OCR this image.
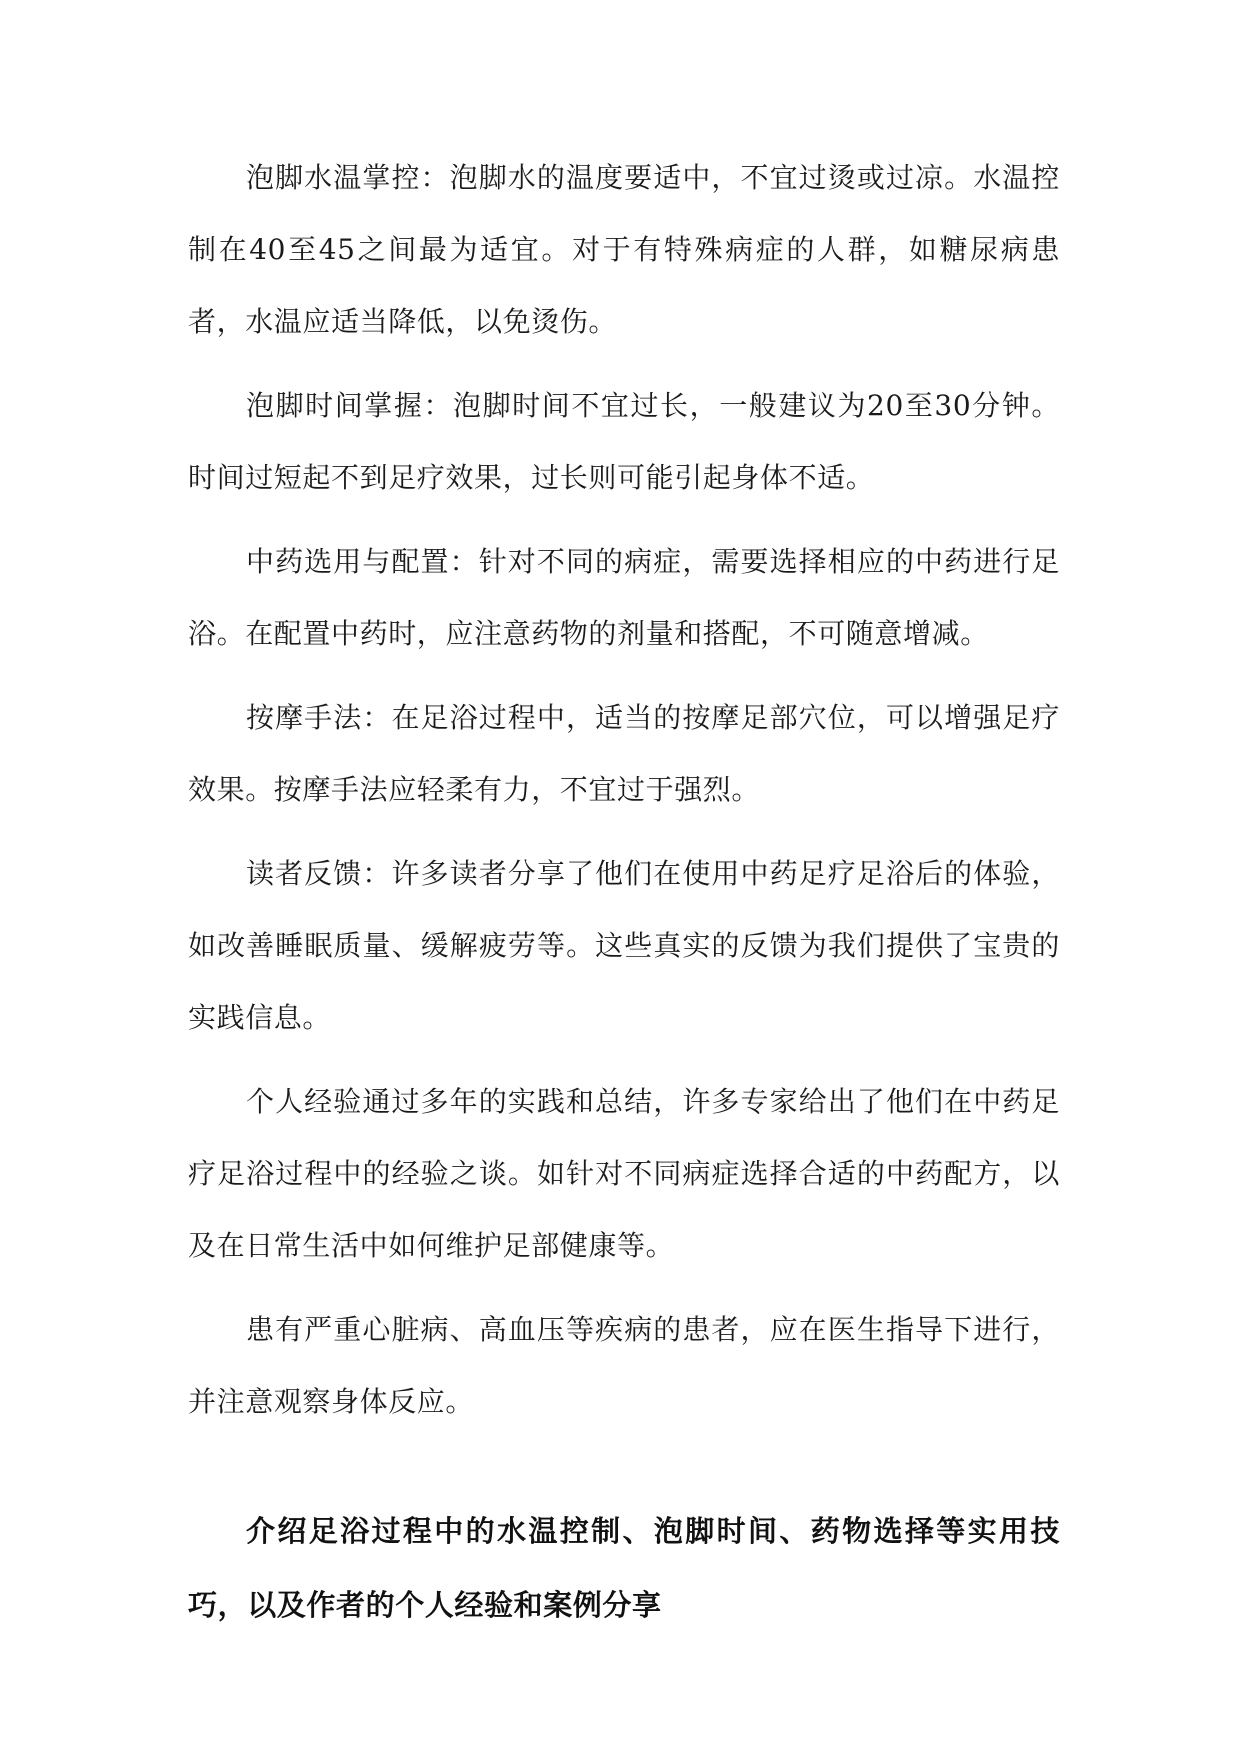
泡脚水温掌控：泡脚水的温度要适中，不宜过烫或过凉。水温控制在40至45之间最为适宜。对于有特殊病症的人群，如糖尿病患者，水温应适当降低，以免烫伤。

泡脚时间掌握：泡脚时间不宜过长，一般建议为20至30分钟。时间过短起不到足疗效果，过长则可能引起身体不适。

中药选用与配置：针对不同的病症，需要选择相应的中药进行足浴。在配置中药时，应注意药物的剂量和搭配，不可随意增减。

按摩手法：在足浴过程中，适当的按摩足部穴位，可以增强足疗效果。按摩手法应轻柔有力，不宜过于强烈。

读者反馈：许多读者分享了他们在使用中药足疗足浴后的体验，如改善睡眠质量、缓解疲劳等。这些真实的反馈为我们提供了宝贵的实践信息。

个人经验通过多年的实践和总结，许多专家给出了他们在中药足疗足浴过程中的经验之谈。如针对不同病症选择合适的中药配方，以及在日常生活中如何维护足部健康等。

患有严重心脏病、高血压等疾病的患者，应在医生指导下进行，并注意观察身体反应。

介绍足浴过程中的水温控制、泡脚时间、药物选择等实用技巧，以及作者的个人经验和案例分享
